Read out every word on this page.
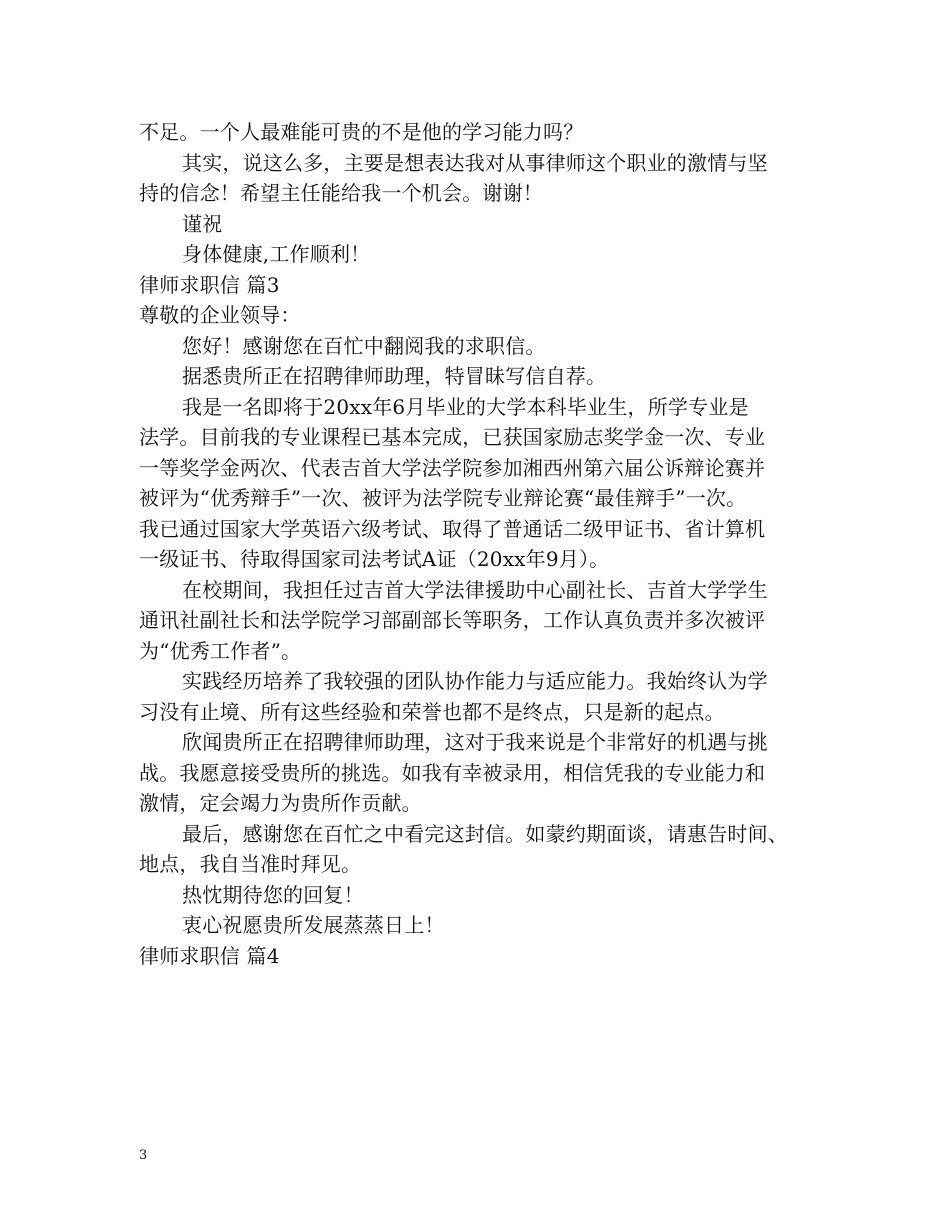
不足。一个人最难能可贵的不是他的学习能力吗？
其实，说这么多，主要是想表达我对从事律师这个职业的激情与坚
持的信念！希望主任能给我一个机会。谢谢！
谨祝
身体健康,工作顺利！
律师求职信 篇3
尊敬的企业领导：
您好！感谢您在百忙中翻阅我的求职信。
据悉贵所正在招聘律师助理，特冒昧写信自荐。
我是一名即将于20xx年6月毕业的大学本科毕业生，所学专业是
法学。目前我的专业课程已基本完成，已获国家励志奖学金一次、专业
一等奖学金两次、代表吉首大学法学院参加湘西州第六届公诉辩论赛并
被评为“优秀辩手”一次、被评为法学院专业辩论赛“最佳辩手”一次。
我已通过国家大学英语六级考试、取得了普通话二级甲证书、省计算机
一级证书、待取得国家司法考试A证（20xx年9月）。
在校期间，我担任过吉首大学法律援助中心副社长、吉首大学学生
通讯社副社长和法学院学习部副部长等职务，工作认真负责并多次被评
为“优秀工作者”。
实践经历培养了我较强的团队协作能力与适应能力。我始终认为学
习没有止境、所有这些经验和荣誉也都不是终点，只是新的起点。
欣闻贵所正在招聘律师助理，这对于我来说是个非常好的机遇与挑
战。我愿意接受贵所的挑选。如我有幸被录用，相信凭我的专业能力和
激情，定会竭力为贵所作贡献。
最后，感谢您在百忙之中看完这封信。如蒙约期面谈，请惠告时间、
地点，我自当准时拜见。
热忱期待您的回复！
衷心祝愿贵所发展蒸蒸日上！
律师求职信 篇4
3
